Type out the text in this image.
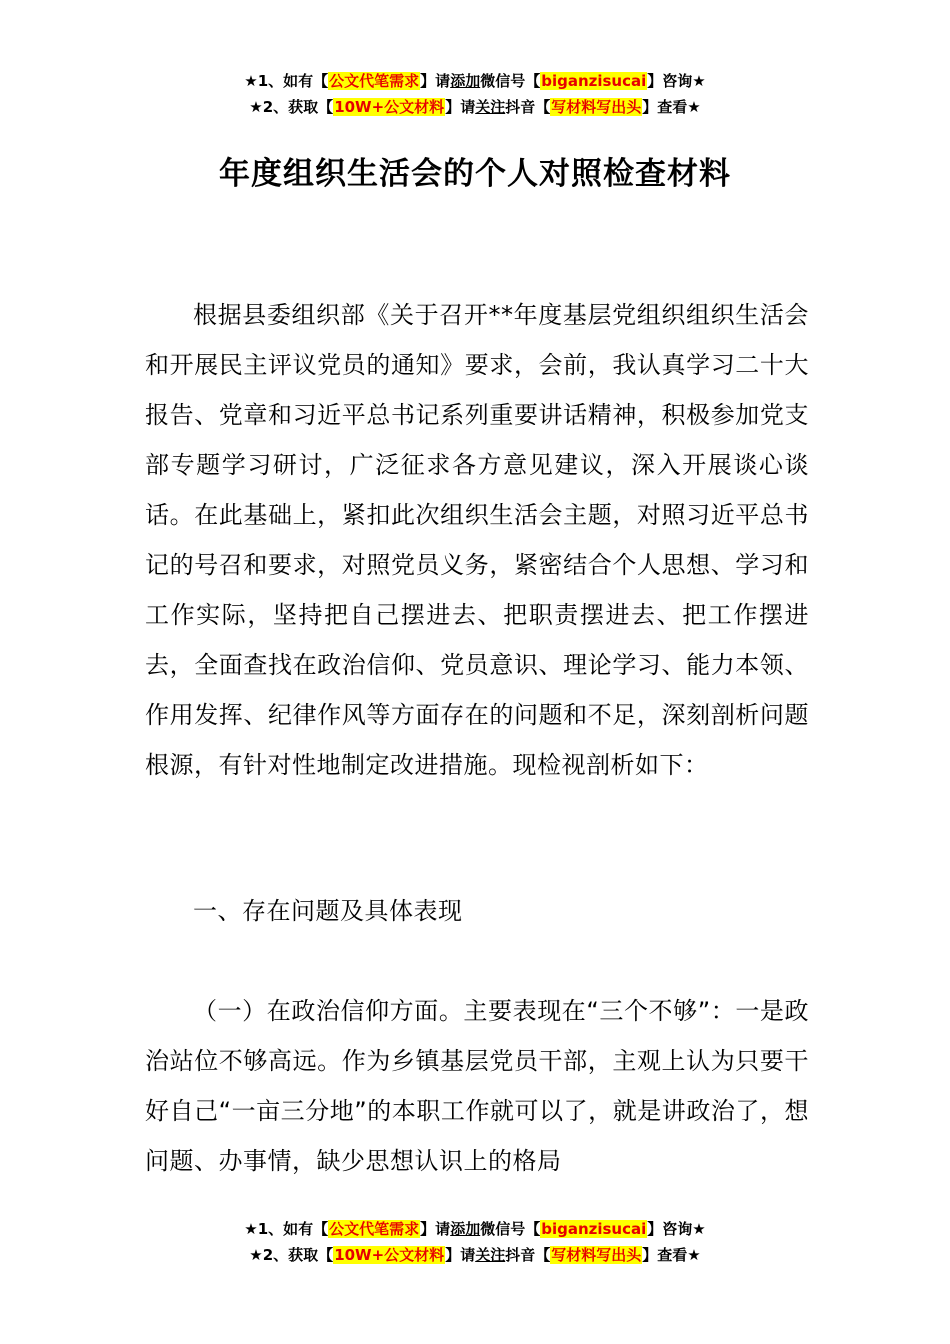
★1、如有【公文代笔需求】请添加微信号【biganzisucai】咨询★
★2、获取【10W+公文材料】请关注抖音【写材料写出头】查看★
年度组织生活会的个人对照检查材料

根据县委组织部《关于召开**年度基层党组织组织生活会和开展民主评议党员的通知》要求，会前，我认真学习二十大报告、党章和习近平总书记系列重要讲话精神，积极参加党支部专题学习研讨，广泛征求各方意见建议，深入开展谈心谈话。在此基础上，紧扣此次组织生活会主题，对照习近平总书记的号召和要求，对照党员义务，紧密结合个人思想、学习和工作实际，坚持把自己摆进去、把职责摆进去、把工作摆进去，全面查找在政治信仰、党员意识、理论学习、能力本领、作用发挥、纪律作风等方面存在的问题和不足，深刻剖析问题根源，有针对性地制定改进措施。现检视剖析如下：

一、存在问题及具体表现

（一）在政治信仰方面。主要表现在“三个不够”：一是政治站位不够高远。作为乡镇基层党员干部，主观上认为只要干好自己“一亩三分地”的本职工作就可以了，就是讲政治了，想问题、办事情，缺少思想认识上的格局

★1、如有【公文代笔需求】请添加微信号【biganzisucai】咨询★
★2、获取【10W+公文材料】请关注抖音【写材料写出头】查看★
